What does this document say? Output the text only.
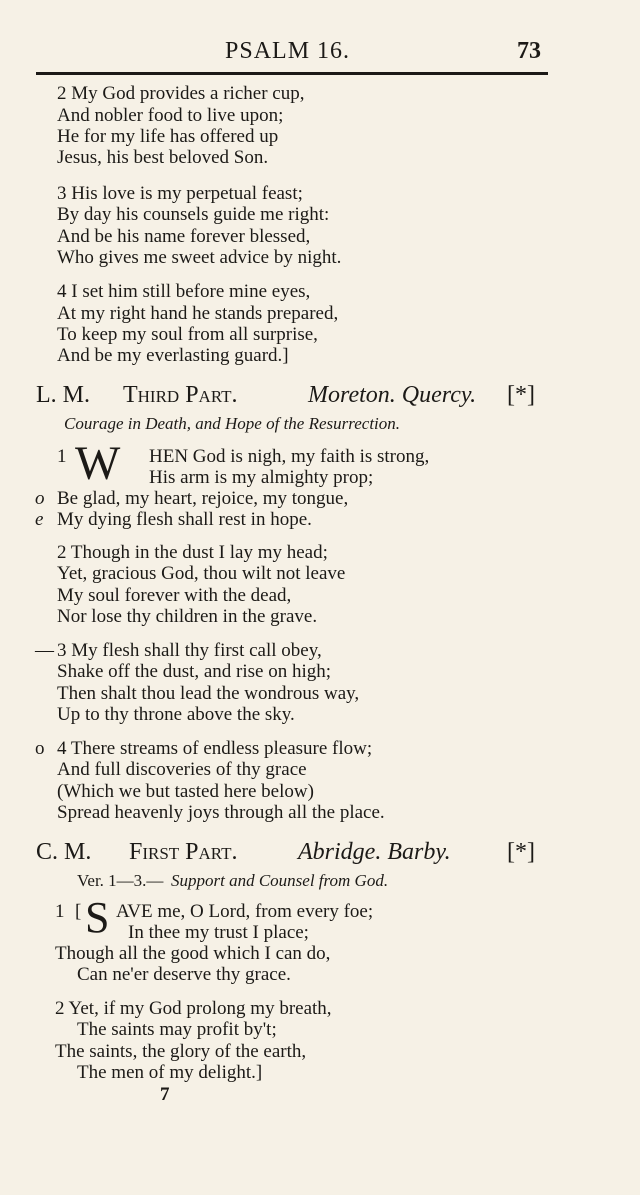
PSALM 16.	73
2 My God provides a richer cup,
And nobler food to live upon;
He for my life has offered up
Jesus, his best beloved Son.
3 His love is my perpetual feast;
By day his counsels guide me right:
And be his name forever blessed,
Who gives me sweet advice by night.
4 I set him still before mine eyes,
At my right hand he stands prepared,
To keep my soul from all surprise,
And be my everlasting guard.]
L. M. Third Part.	Moreton. Quercy. [*]
Courage in Death, and Hope of the Resurrection.
1 W HEN God is nigh, my faith is strong,
His arm is my almighty prop;
o Be glad, my heart, rejoice, my tongue,
e My dying flesh shall rest in hope.
2 Though in the dust I lay my head;
Yet, gracious God, thou wilt not leave
My soul forever with the dead,
Nor lose thy children in the grave.
— 3 My flesh shall thy first call obey,
Shake off the dust, and rise on high;
Then shalt thou lead the wondrous way,
Up to thy throne above the sky.
o 4 There streams of endless pleasure flow;
And full discoveries of thy grace
(Which we but tasted here below)
Spread heavenly joys through all the place.
C. M. First Part.	Abridge. Barby. [*]
Ver. 1—3.— Support and Counsel from God.
1 [ S AVE me, O Lord, from every foe;
In thee my trust I place;
Though all the good which I can do,
Can ne'er deserve thy grace.
2 Yet, if my God prolong my breath,
The saints may profit by't;
The saints, the glory of the earth,
The men of my delight.]
7
